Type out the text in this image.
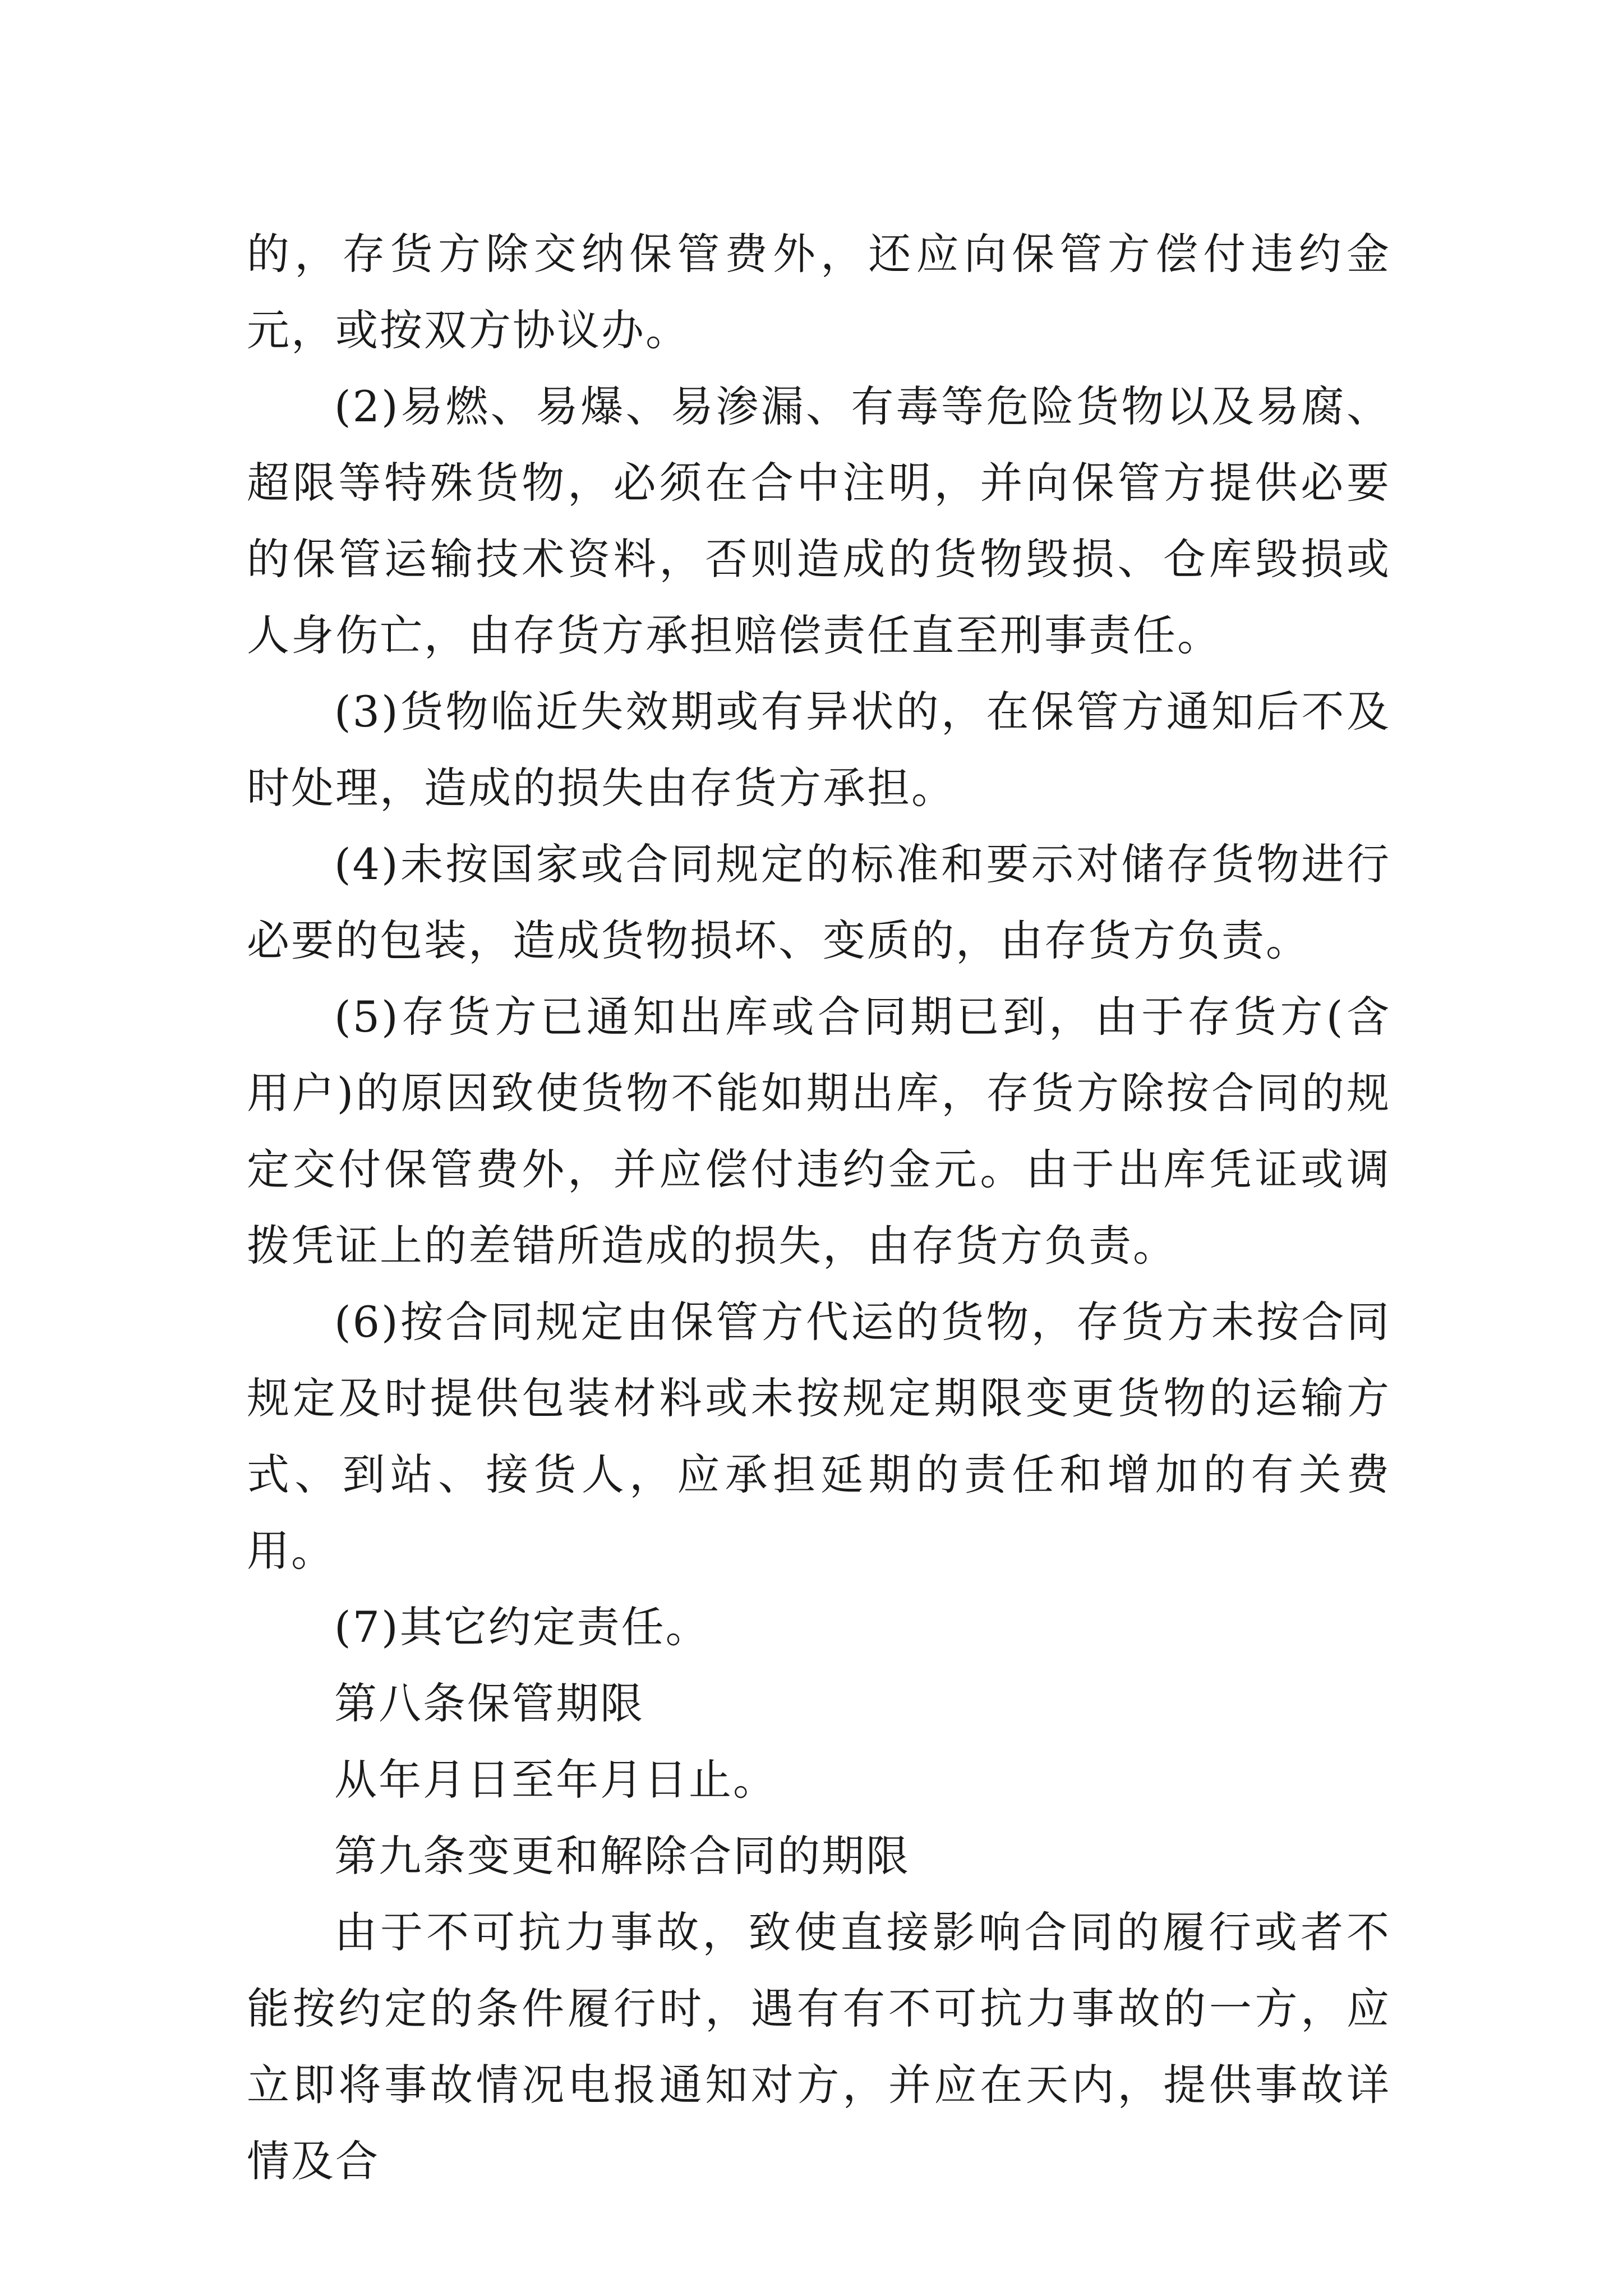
的，存货方除交纳保管费外，还应向保管方偿付违约金元，或按双方协议办。

(2)易燃、易爆、易渗漏、有毒等危险货物以及易腐、超限等特殊货物，必须在合中注明，并向保管方提供必要的保管运输技术资料，否则造成的货物毁损、仓库毁损或人身伤亡，由存货方承担赔偿责任直至刑事责任。

(3)货物临近失效期或有异状的，在保管方通知后不及时处理，造成的损失由存货方承担。

(4)未按国家或合同规定的标准和要示对储存货物进行必要的包装，造成货物损坏、变质的，由存货方负责。

(5)存货方已通知出库或合同期已到，由于存货方(含用户)的原因致使货物不能如期出库，存货方除按合同的规定交付保管费外，并应偿付违约金元。由于出库凭证或调拨凭证上的差错所造成的损失，由存货方负责。

(6)按合同规定由保管方代运的货物，存货方未按合同规定及时提供包装材料或未按规定期限变更货物的运输方式、到站、接货人，应承担延期的责任和增加的有关费用。

(7)其它约定责任。

第八条保管期限

从年月日至年月日止。

第九条变更和解除合同的期限

由于不可抗力事故，致使直接影响合同的履行或者不能按约定的条件履行时，遇有有不可抗力事故的一方，应立即将事故情况电报通知对方，并应在天内，提供事故详情及合
